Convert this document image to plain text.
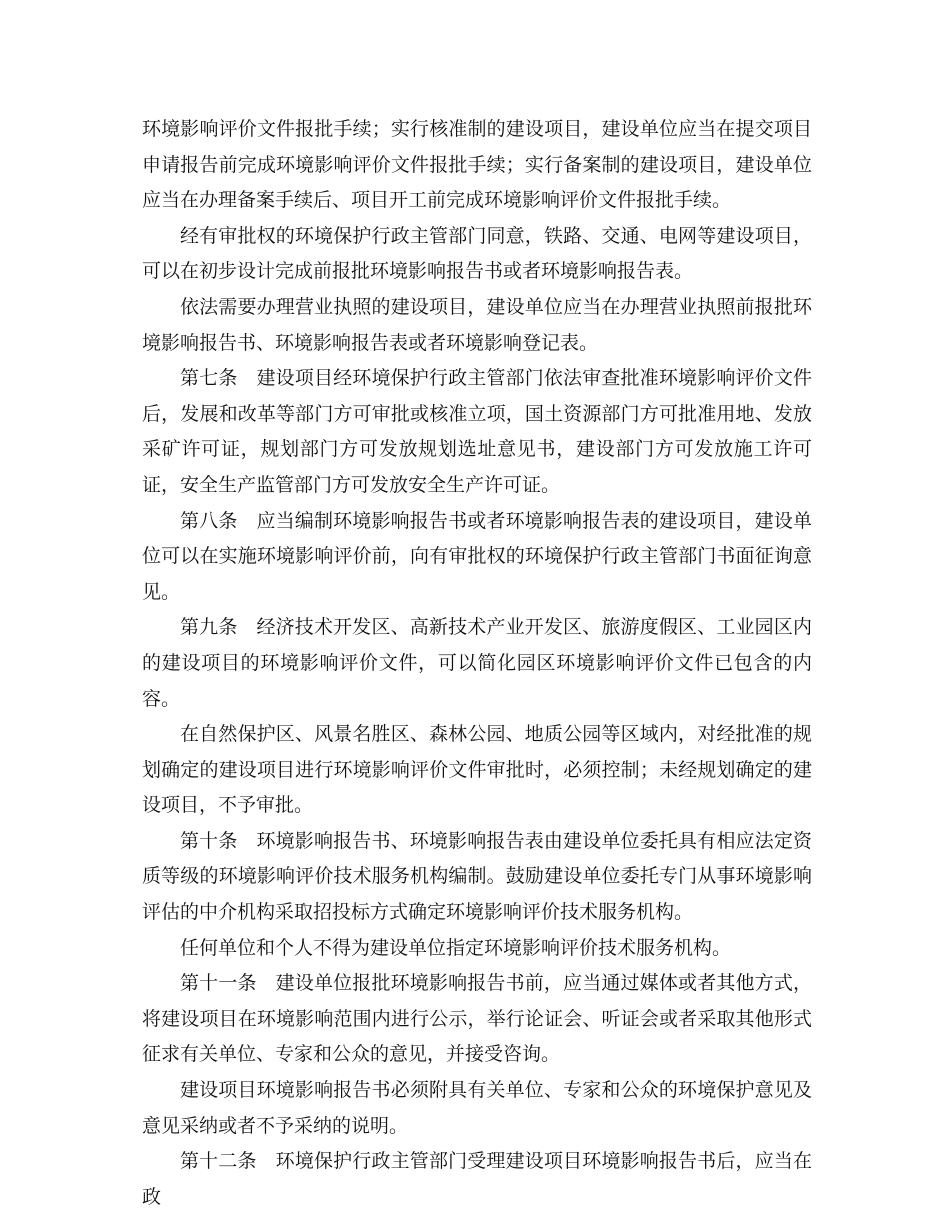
环境影响评价文件报批手续；实行核准制的建设项目，建设单位应当在提交项目申请报告前完成环境影响评价文件报批手续；实行备案制的建设项目，建设单位应当在办理备案手续后、项目开工前完成环境影响评价文件报批手续。

经有审批权的环境保护行政主管部门同意，铁路、交通、电网等建设项目，可以在初步设计完成前报批环境影响报告书或者环境影响报告表。

依法需要办理营业执照的建设项目，建设单位应当在办理营业执照前报批环境影响报告书、环境影响报告表或者环境影响登记表。

第七条 建设项目经环境保护行政主管部门依法审查批准环境影响评价文件后，发展和改革等部门方可审批或核准立项，国土资源部门方可批准用地、发放采矿许可证，规划部门方可发放规划选址意见书，建设部门方可发放施工许可证，安全生产监管部门方可发放安全生产许可证。

第八条 应当编制环境影响报告书或者环境影响报告表的建设项目，建设单位可以在实施环境影响评价前，向有审批权的环境保护行政主管部门书面征询意见。

第九条 经济技术开发区、高新技术产业开发区、旅游度假区、工业园区内的建设项目的环境影响评价文件，可以简化园区环境影响评价文件已包含的内容。

在自然保护区、风景名胜区、森林公园、地质公园等区域内，对经批准的规划确定的建设项目进行环境影响评价文件审批时，必须控制；未经规划确定的建设项目，不予审批。

第十条 环境影响报告书、环境影响报告表由建设单位委托具有相应法定资质等级的环境影响评价技术服务机构编制。鼓励建设单位委托专门从事环境影响评估的中介机构采取招投标方式确定环境影响评价技术服务机构。

任何单位和个人不得为建设单位指定环境影响评价技术服务机构。

第十一条 建设单位报批环境影响报告书前，应当通过媒体或者其他方式，将建设项目在环境影响范围内进行公示，举行论证会、听证会或者采取其他形式征求有关单位、专家和公众的意见，并接受咨询。

建设项目环境影响报告书必须附具有关单位、专家和公众的环境保护意见及意见采纳或者不予采纳的说明。

第十二条 环境保护行政主管部门受理建设项目环境影响报告书后，应当在政
